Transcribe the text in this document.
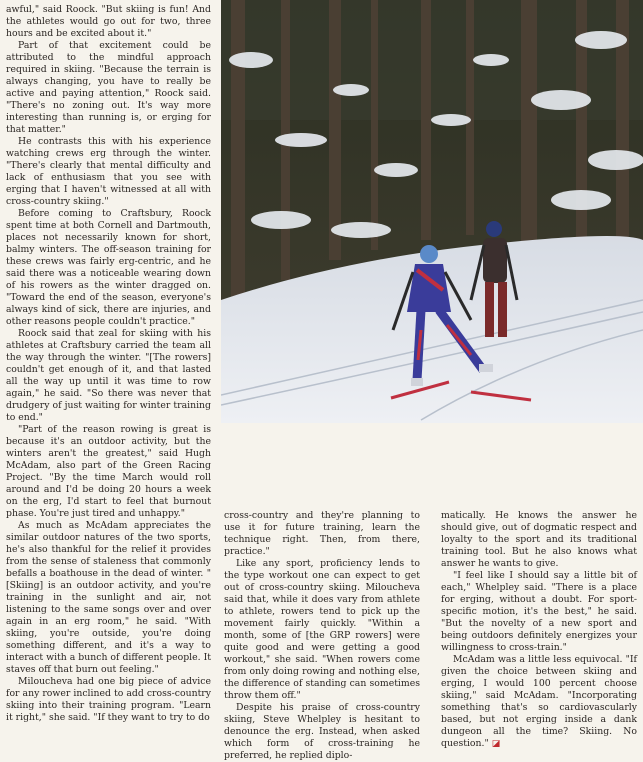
awful," said Roock. "But skiing is fun! And the athletes would go out for two, three hours and be excited about it."

Part of that excitement could be attributed to the mindful approach required in skiing. "Because the terrain is always changing, you have to really be active and paying attention," Roock said. "There's no zoning out. It's way more interesting than running is, or erging for that matter."

He contrasts this with his experience watching crews erg through the winter. "There's clearly that mental difficulty and lack of enthusiasm that you see with erging that I haven't witnessed at all with cross-country skiing."

Before coming to Craftsbury, Roock spent time at both Cornell and Dartmouth, places not necessarily known for short, balmy winters. The off-season training for these crews was fairly erg-centric, and he said there was a noticeable wearing down of his rowers as the winter dragged on. "Toward the end of the season, everyone's always kind of sick, there are injuries, and other reasons people couldn't practice."

Roock said that zeal for skiing with his athletes at Craftsbury carried the team all the way through the winter. "[The rowers] couldn't get enough of it, and that lasted all the way up until it was time to row again," he said. "So there was never that drudgery of just waiting for winter training to end."

"Part of the reason rowing is great is because it's an outdoor activity, but the winters aren't the greatest," said Hugh McAdam, also part of the Green Racing Project. "By the time March would roll around and I'd be doing 20 hours a week on the erg, I'd start to feel that burnout phase. You're just tired and unhappy."

As much as McAdam appreciates the similar outdoor natures of the two sports, he's also thankful for the relief it provides from the sense of staleness that commonly befalls a boathouse in the dead of winter. "[Skiing] is an outdoor activity, and you're training in the sunlight and air, not listening to the same songs over and over again in an erg room," he said. "With skiing, you're outside, you're doing something different, and it's a way to interact with a bunch of different people. It staves off that burn out feeling."

Miloucheva had one big piece of advice for any rower inclined to add cross-country skiing into their training program. "Learn it right," she said. "If they want to try to do

cross-country and they're planning to use it for future training, learn the technique right. Then, from there, practice."

Like any sport, proficiency lends to the type workout one can expect to get out of cross-country skiing. Miloucheva said that, while it does vary from athlete to athlete, rowers tend to pick up the movement fairly quickly. "Within a month, some of [the GRP rowers] were quite good and were getting a good workout," she said. "When rowers come from only doing rowing and nothing else, the difference of standing can sometimes throw them off."

Despite his praise of cross-country skiing, Steve Whelpley is hesitant to denounce the erg. Instead, when asked which form of cross-training he preferred, he replied diplo-

matically. He knows the answer he should give, out of dogmatic respect and loyalty to the sport and its traditional training tool. But he also knows what answer he wants to give.

"I feel like I should say a little bit of each," Whelpley said. "There is a place for erging, without a doubt. For sport-specific motion, it's the best," he said. "But the novelty of a new sport and being outdoors definitely energizes your willingness to cross-train."

McAdam was a little less equivocal. "If given the choice between skiing and erging, I would 100 percent choose skiing," said McAdam. "Incorporating something that's so cardiovascularly based, but not erging inside a dank dungeon all the time? Skiing. No question." ◪
